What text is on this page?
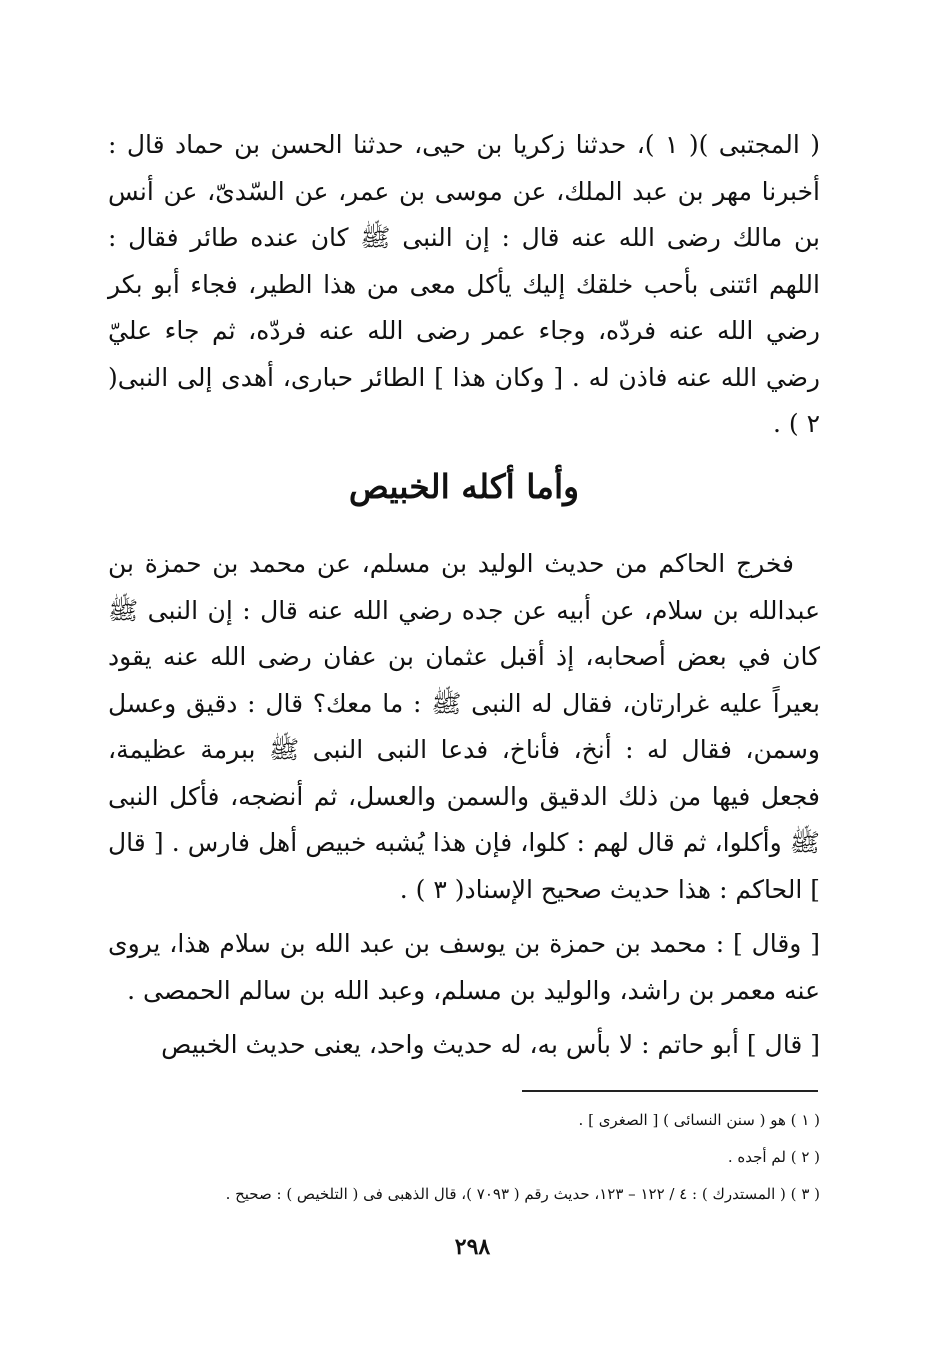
( المجتبى )( ١ )، حدثنا زكريا بن حيى، حدثنا الحسن بن حماد قال : أخبرنا مهر بن عبد الملك، عن موسى بن عمر، عن السّدىّ، عن أنس بن مالك رضى الله عنه قال : إن النبى ﷺ كان عنده طائر فقال : اللهم ائتنى بأحب خلقك إليك يأكل معى من هذا الطير، فجاء أبو بكر رضي الله عنه فردّه، وجاء عمر رضى الله عنه فردّه، ثم جاء عليّ رضي الله عنه فاذن له . [ وكان هذا ] الطائر حبارى، أهدى إلى النبى( ٢ ) .

وأما أكله الخبيص

فخرج الحاكم من حديث الوليد بن مسلم، عن محمد بن حمزة بن عبدالله بن سلام، عن أبيه عن جده رضي الله عنه قال : إن النبى ﷺ كان في بعض أصحابه، إذ أقبل عثمان بن عفان رضى الله عنه يقود بعيراً عليه غرارتان، فقال له النبى ﷺ : ما معك؟ قال : دقيق وعسل وسمن، فقال له : أنخ، فأناخ، فدعا النبى النبى ﷺ ببرمة عظيمة، فجعل فيها من ذلك الدقيق والسمن والعسل، ثم أنضجه، فأكل النبى ﷺ وأكلوا، ثم قال لهم : كلوا، فإن هذا يُشبه خبيص أهل فارس . [ قال ] الحاكم : هذا حديث صحيح الإسناد( ٣ ) .

[ وقال ] : محمد بن حمزة بن يوسف بن عبد الله بن سلام هذا، يروى عنه معمر بن راشد، والوليد بن مسلم، وعبد الله بن سالم الحمصى .

[ قال ] أبو حاتم : لا بأس به، له حديث واحد، يعنى حديث الخبيص

( ١ ) هو ( سنن النسائى ) [ الصغرى ] .

( ٢ ) لم أجده .

( ٣ ) ( المستدرك ) : ٤ / ١٢٢ – ١٢٣، حديث رقم ( ٧٠٩٣ )، قال الذهبى فى ( التلخيص ) : صحيح .

٢٩٨
